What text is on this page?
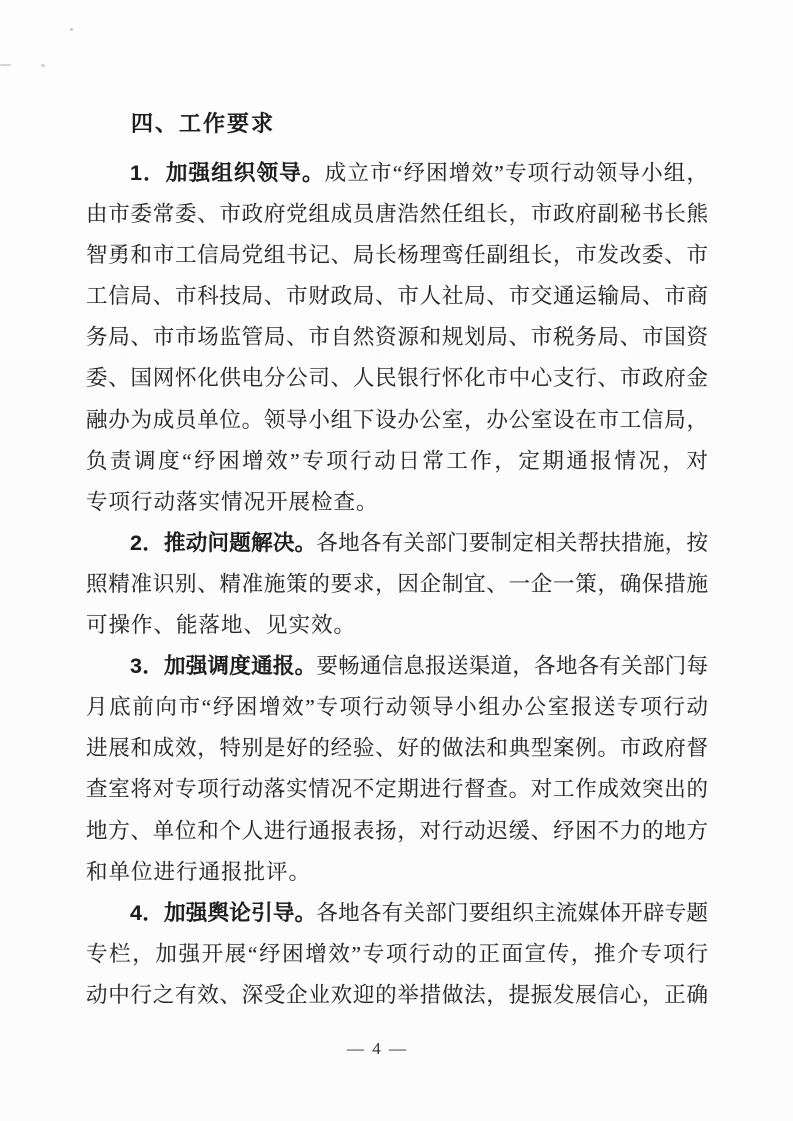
四、工作要求
1．加强组织领导。成立市“纾困增效”专项行动领导小组，
由市委常委、市政府党组成员唐浩然任组长，市政府副秘书长熊
智勇和市工信局党组书记、局长杨理鸾任副组长，市发改委、市
工信局、市科技局、市财政局、市人社局、市交通运输局、市商
务局、市市场监管局、市自然资源和规划局、市税务局、市国资
委、国网怀化供电分公司、人民银行怀化市中心支行、市政府金
融办为成员单位。领导小组下设办公室，办公室设在市工信局，
负责调度“纾困增效”专项行动日常工作，定期通报情况，对
专项行动落实情况开展检查。
2．推动问题解决。各地各有关部门要制定相关帮扶措施，按
照精准识别、精准施策的要求，因企制宜、一企一策，确保措施
可操作、能落地、见实效。
3．加强调度通报。要畅通信息报送渠道，各地各有关部门每
月底前向市“纾困增效”专项行动领导小组办公室报送专项行动
进展和成效，特别是好的经验、好的做法和典型案例。市政府督
查室将对专项行动落实情况不定期进行督查。对工作成效突出的
地方、单位和个人进行通报表扬，对行动迟缓、纾困不力的地方
和单位进行通报批评。
4．加强舆论引导。各地各有关部门要组织主流媒体开辟专题
专栏，加强开展“纾困增效”专项行动的正面宣传，推介专项行
动中行之有效、深受企业欢迎的举措做法，提振发展信心，正确
— 4 —
